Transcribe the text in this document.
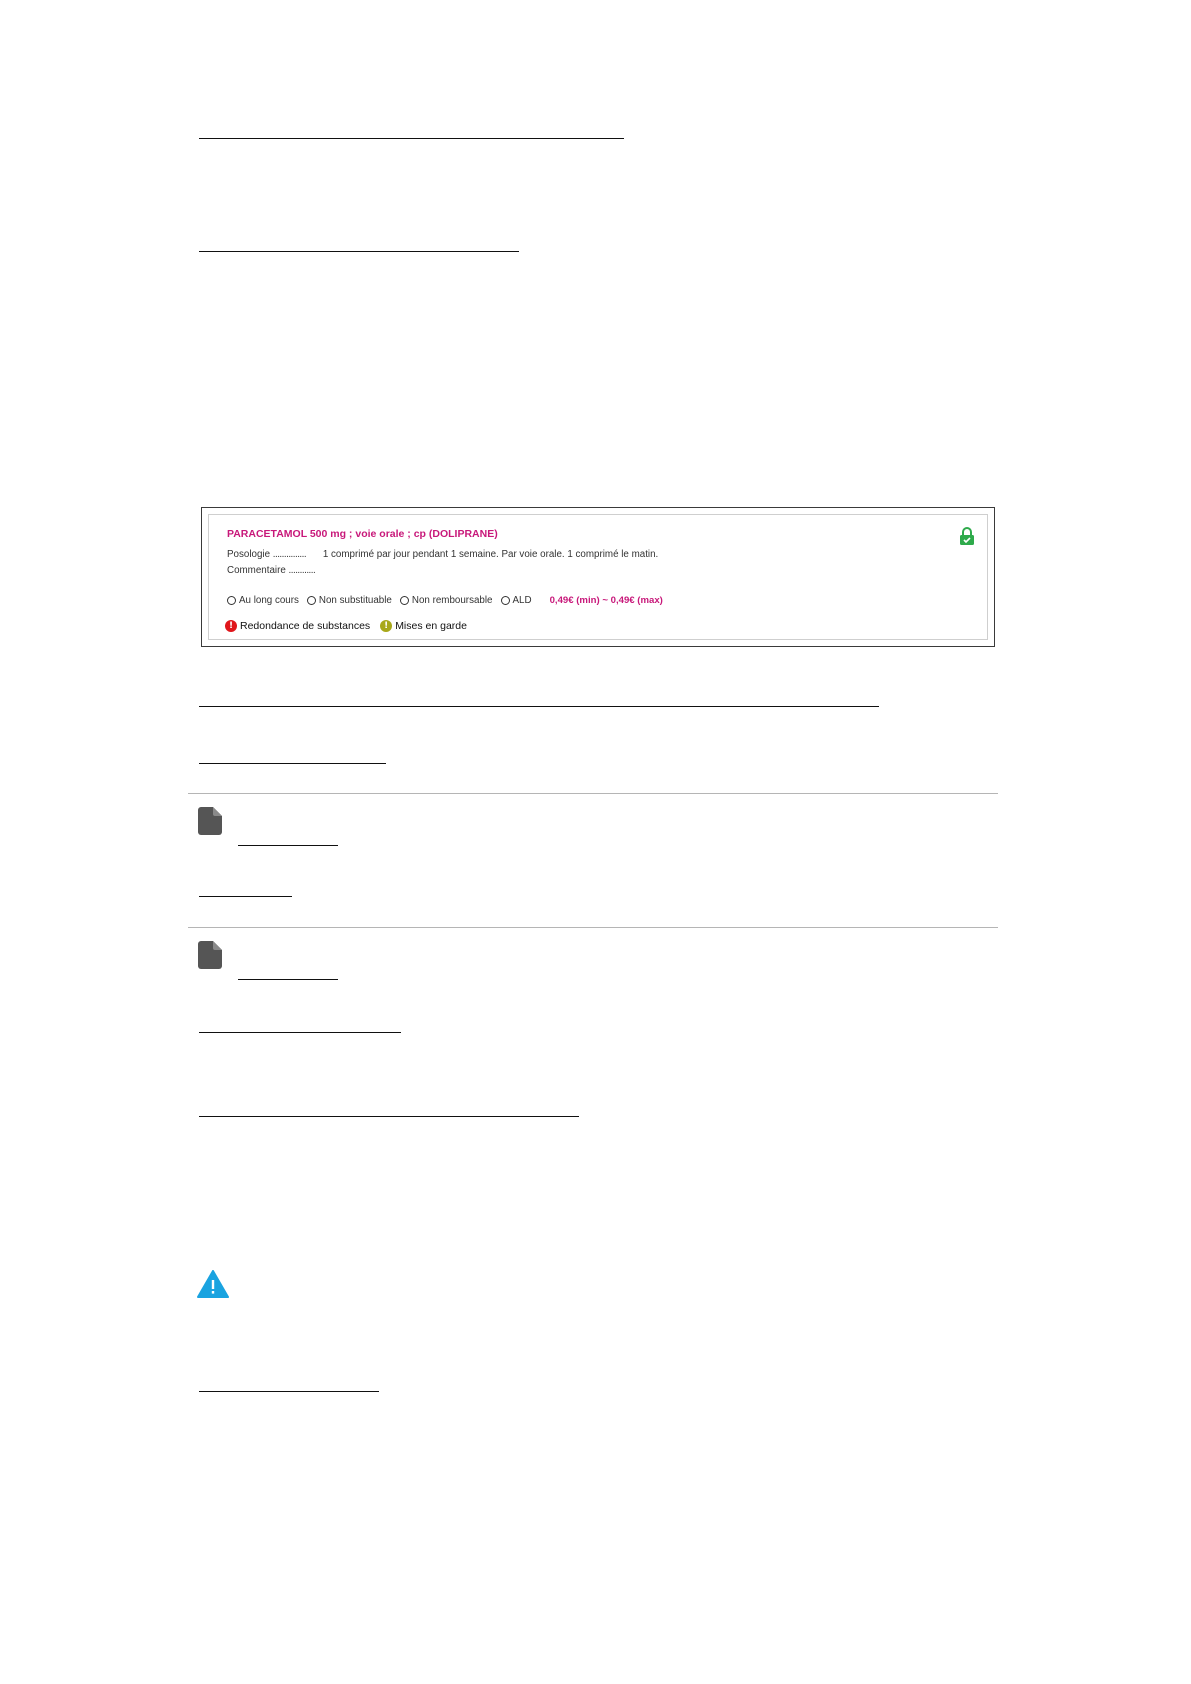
PARACETAMOL 500 mg ; voie orale ; cp (DOLIPRANE)
Posologie ............... 1 comprimé par jour pendant 1 semaine. Par voie orale. 1 comprimé le matin.
Commentaire ............
Au long cours Non substituable Non remboursable ALD 0,49€ (min) ~ 0,49€ (max)
! Redondance de substances	! Mises en garde
